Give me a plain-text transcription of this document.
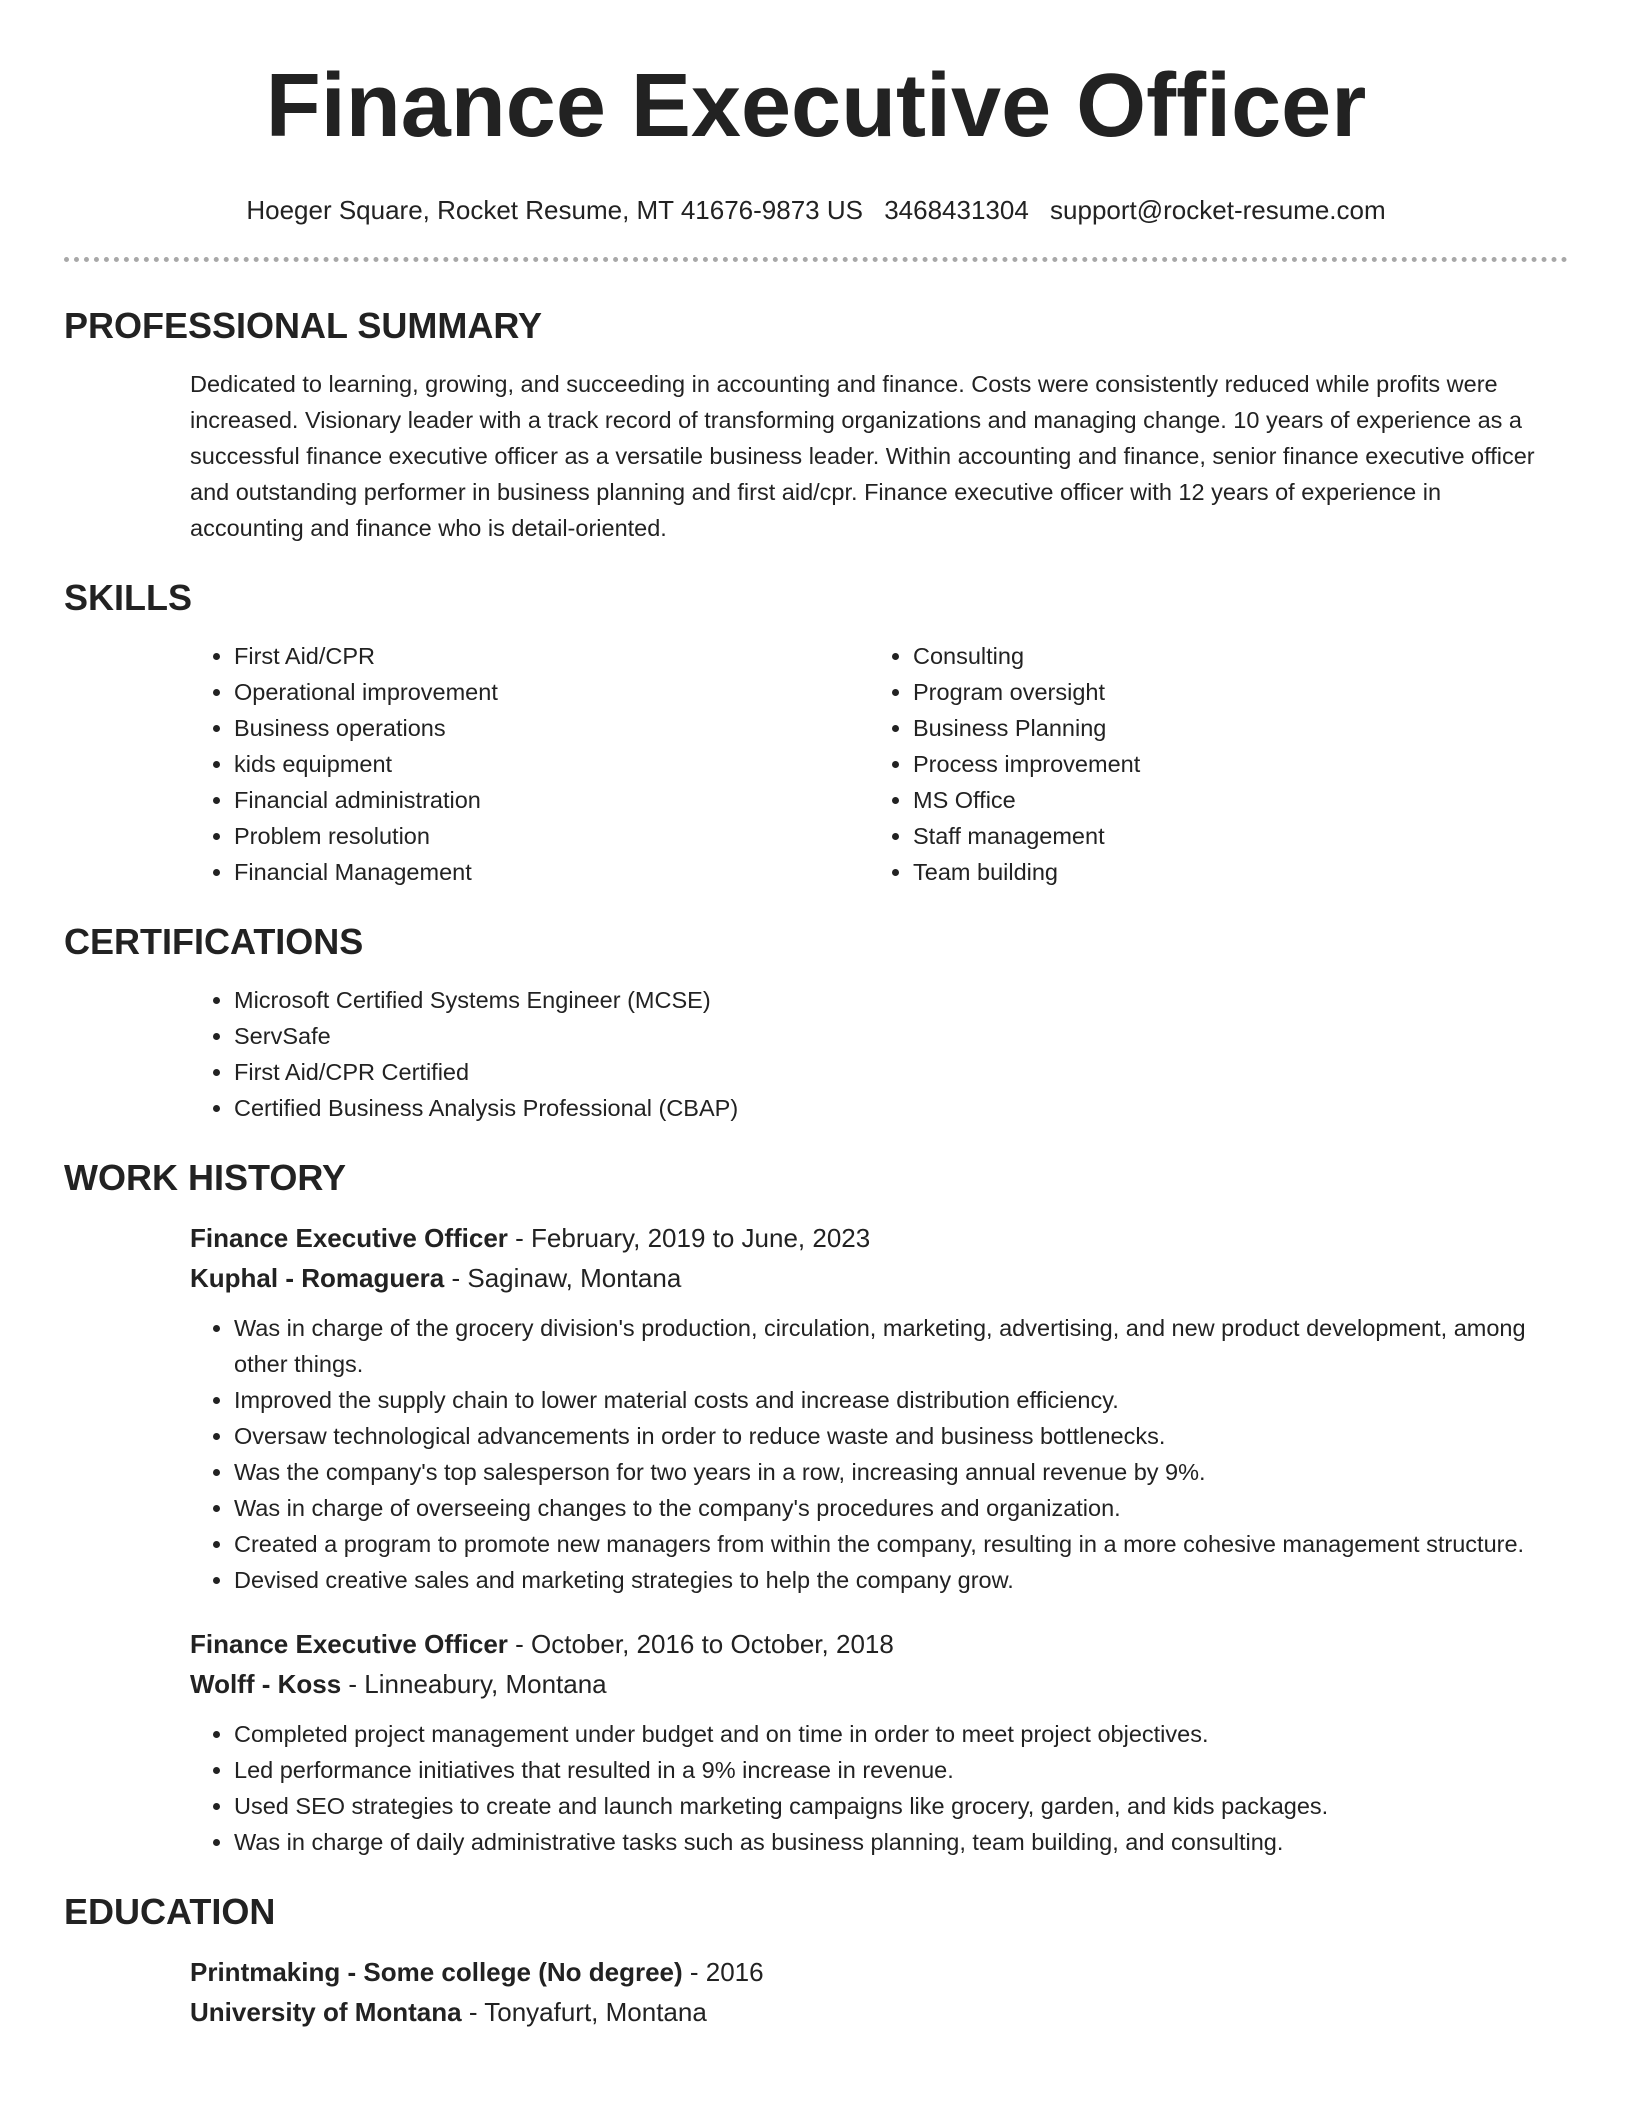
Finance Executive Officer
Hoeger Square, Rocket Resume, MT 41676-9873 US 3468431304 support@rocket-resume.com
PROFESSIONAL SUMMARY

Dedicated to learning, growing, and succeeding in accounting and finance. Costs were consistently reduced while profits were increased. Visionary leader with a track record of transforming organizations and managing change. 10 years of experience as a successful finance executive officer as a versatile business leader. Within accounting and finance, senior finance executive officer and outstanding performer in business planning and first aid/cpr. Finance executive officer with 12 years of experience in accounting and finance who is detail-oriented.

SKILLS
• First Aid/CPR
• Operational improvement
• Business operations
• kids equipment
• Financial administration
• Problem resolution
• Financial Management
• Consulting
• Program oversight
• Business Planning
• Process improvement
• MS Office
• Staff management
• Team building
CERTIFICATIONS
• Microsoft Certified Systems Engineer (MCSE)
• ServSafe
• First Aid/CPR Certified
• Certified Business Analysis Professional (CBAP)
WORK HISTORY
Finance Executive Officer - February, 2019 to June, 2023
Kuphal - Romaguera - Saginaw, Montana
• Was in charge of the grocery division's production, circulation, marketing, advertising, and new product development, among other things.
• Improved the supply chain to lower material costs and increase distribution efficiency.
• Oversaw technological advancements in order to reduce waste and business bottlenecks.
• Was the company's top salesperson for two years in a row, increasing annual revenue by 9%.
• Was in charge of overseeing changes to the company's procedures and organization.
• Created a program to promote new managers from within the company, resulting in a more cohesive management structure.
• Devised creative sales and marketing strategies to help the company grow.
Finance Executive Officer - October, 2016 to October, 2018
Wolff - Koss - Linneabury, Montana
• Completed project management under budget and on time in order to meet project objectives.
• Led performance initiatives that resulted in a 9% increase in revenue.
• Used SEO strategies to create and launch marketing campaigns like grocery, garden, and kids packages.
• Was in charge of daily administrative tasks such as business planning, team building, and consulting.
EDUCATION
Printmaking - Some college (No degree) - 2016
University of Montana - Tonyafurt, Montana
